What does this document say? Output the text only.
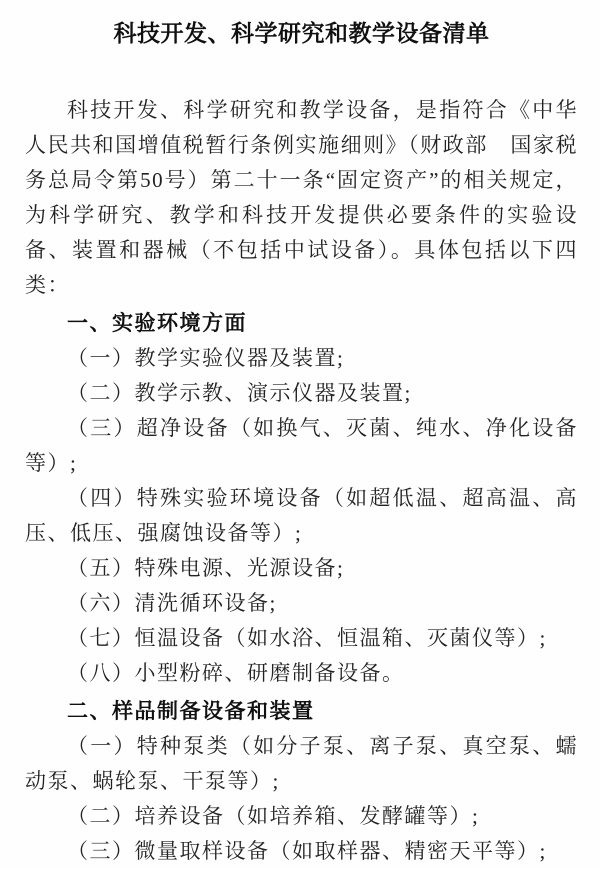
科技开发、科学研究和教学设备清单

科技开发、科学研究和教学设备，是指符合《中华人民共和国增值税暂行条例实施细则》（财政部　国家税务总局令第50号）第二十一条“固定资产”的相关规定，为科学研究、教学和科技开发提供必要条件的实验设备、装置和器械（不包括中试设备）。具体包括以下四类：

一、实验环境方面

（一）教学实验仪器及装置;

（二）教学示教、演示仪器及装置;

（三）超净设备（如换气、灭菌、纯水、净化设备等）;

（四）特殊实验环境设备（如超低温、超高温、高压、低压、强腐蚀设备等）;

（五）特殊电源、光源设备;

（六）清洗循环设备;

（七）恒温设备（如水浴、恒温箱、灭菌仪等）;

（八）小型粉碎、研磨制备设备。

二、样品制备设备和装置

（一）特种泵类（如分子泵、离子泵、真空泵、蠕动泵、蜗轮泵、干泵等）;

（二）培养设备（如培养箱、发酵罐等）;

（三）微量取样设备（如取样器、精密天平等）;
